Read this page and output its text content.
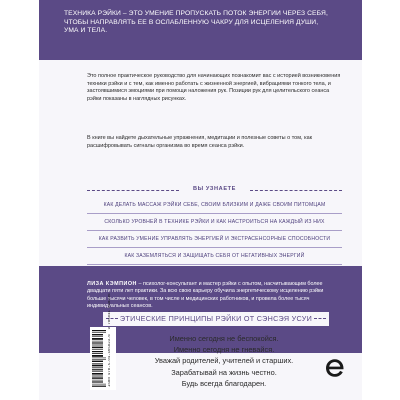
ТЕХНИКА РЭЙКИ – ЭТО УМЕНИЕ ПРОПУСКАТЬ ПОТОК ЭНЕРГИИ ЧЕРЕЗ СЕБЯ, ЧТОБЫ НАПРАВЛЯТЬ ЕЕ В ОСЛАБЛЕННУЮ ЧАКРУ ДЛЯ ИСЦЕЛЕНИЯ ДУШИ, УМА И ТЕЛА.

Это полное практическое руководство для начинающих познакомит вас с историей возникновения техники рэйки и с тем, как именно работать с жизненной энергией, вибрациями тонкого тела, и застоявшимися эмоциями при помощи наложения рук. Позиции рук для целительского сеанса рэйки показаны в наглядных рисунках.

В книге вы найдете дыхательные упражнения, медитации и полезные советы о том, как расшифровывать сигналы организма во время сеанса рэйки.

ВЫ УЗНАЕТЕ
КАК ДЕЛАТЬ МАССАЖ РЭЙКИ СЕБЕ, СВОИМ БЛИЗКИМ И ДАЖЕ СВОИМ ПИТОМЦАМ
СКОЛЬКО УРОВНЕЙ В ТЕХНИКЕ РЭЙКИ И КАК НАСТРОИТЬСЯ НА КАЖДЫЙ ИЗ НИХ
КАК РАЗВИТЬ УМЕНИЕ УПРАВЛЯТЬ ЭНЕРГИЕЙ И ЭКСТРАСЕНСОРНЫЕ СПОСОБНОСТИ
КАК ЗАЗЕМЛЯТЬСЯ И ЗАЩИЩАТЬ СЕБЯ ОТ НЕГАТИВНЫХ ЭНЕРГИЙ

ЛИЗА КЭМПИОН – психолог-консультант и мастер рэйки с опытом, насчитывающим более двадцати пяти лет практики. За всю свою карьеру обучила энергетическому исцелению рэйки больше тысячи человек, в том числе и медицинских работников, и провела более тысяч индивидуальных сеансов.

ЭТИЧЕСКИЕ ПРИНЦИПЫ РЭЙКИ ОТ СЭНСЭЯ УСУИ
Именно сегодня не беспокойся.
Именно сегодня не гневайся.
Уважай родителей, учителей и старших.
Зарабатывай на жизнь честно.
Будь всегда благодарен.
ISBN 978-5-04-165823-6  9 785041 658236
